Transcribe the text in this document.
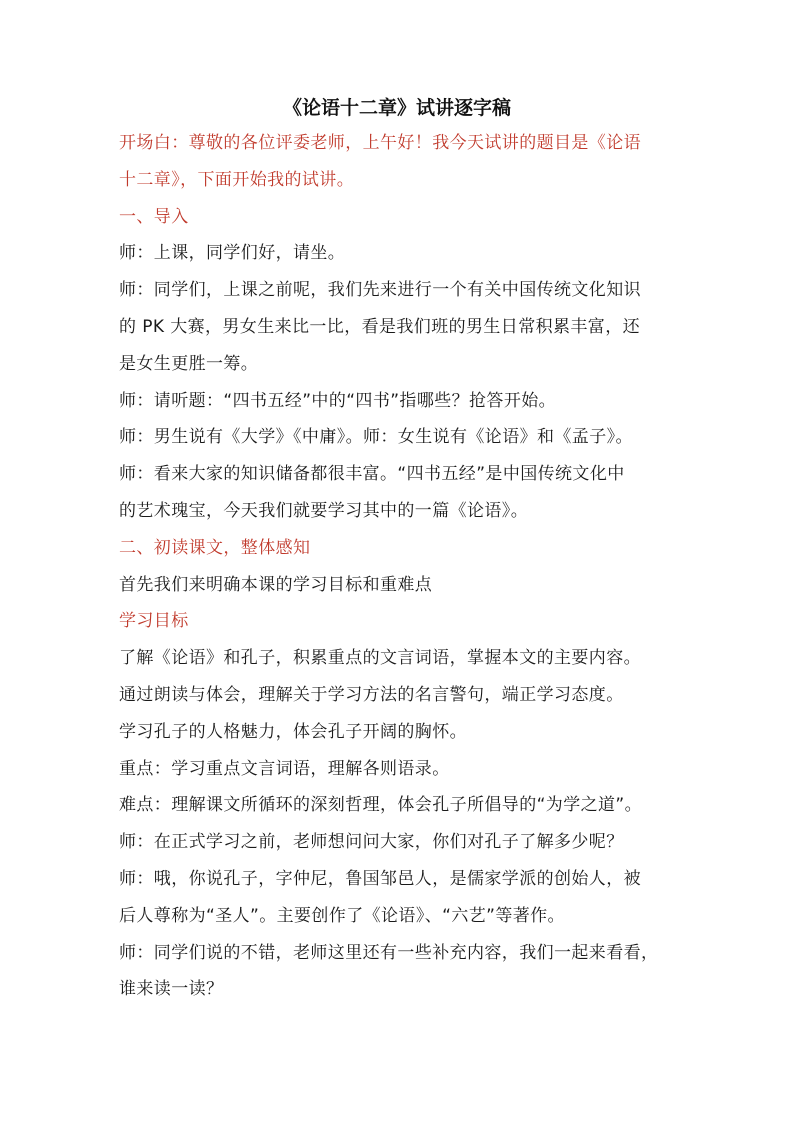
《论语十二章》试讲逐字稿
开场白：尊敬的各位评委老师，上午好！我今天试讲的题目是《论语
十二章》，下面开始我的试讲。
一、导入
师：上课，同学们好，请坐。
师：同学们，上课之前呢，我们先来进行一个有关中国传统文化知识
的 PK 大赛，男女生来比一比，看是我们班的男生日常积累丰富，还
是女生更胜一筹。
师：请听题：“四书五经”中的“四书”指哪些？抢答开始。
师：男生说有《大学》《中庸》。师：女生说有《论语》和《孟子》。
师：看来大家的知识储备都很丰富。“四书五经”是中国传统文化中
的艺术瑰宝，今天我们就要学习其中的一篇《论语》。
二、初读课文，整体感知
首先我们来明确本课的学习目标和重难点
学习目标
了解《论语》和孔子，积累重点的文言词语，掌握本文的主要内容。
通过朗读与体会，理解关于学习方法的名言警句，端正学习态度。
学习孔子的人格魅力，体会孔子开阔的胸怀。
重点：学习重点文言词语，理解各则语录。
难点：理解课文所循环的深刻哲理，体会孔子所倡导的“为学之道”。
师：在正式学习之前，老师想问问大家，你们对孔子了解多少呢？
师：哦，你说孔子，字仲尼，鲁国邹邑人，是儒家学派的创始人，被
后人尊称为“圣人”。主要创作了《论语》、“六艺”等著作。
师：同学们说的不错，老师这里还有一些补充内容，我们一起来看看，
谁来读一读？
